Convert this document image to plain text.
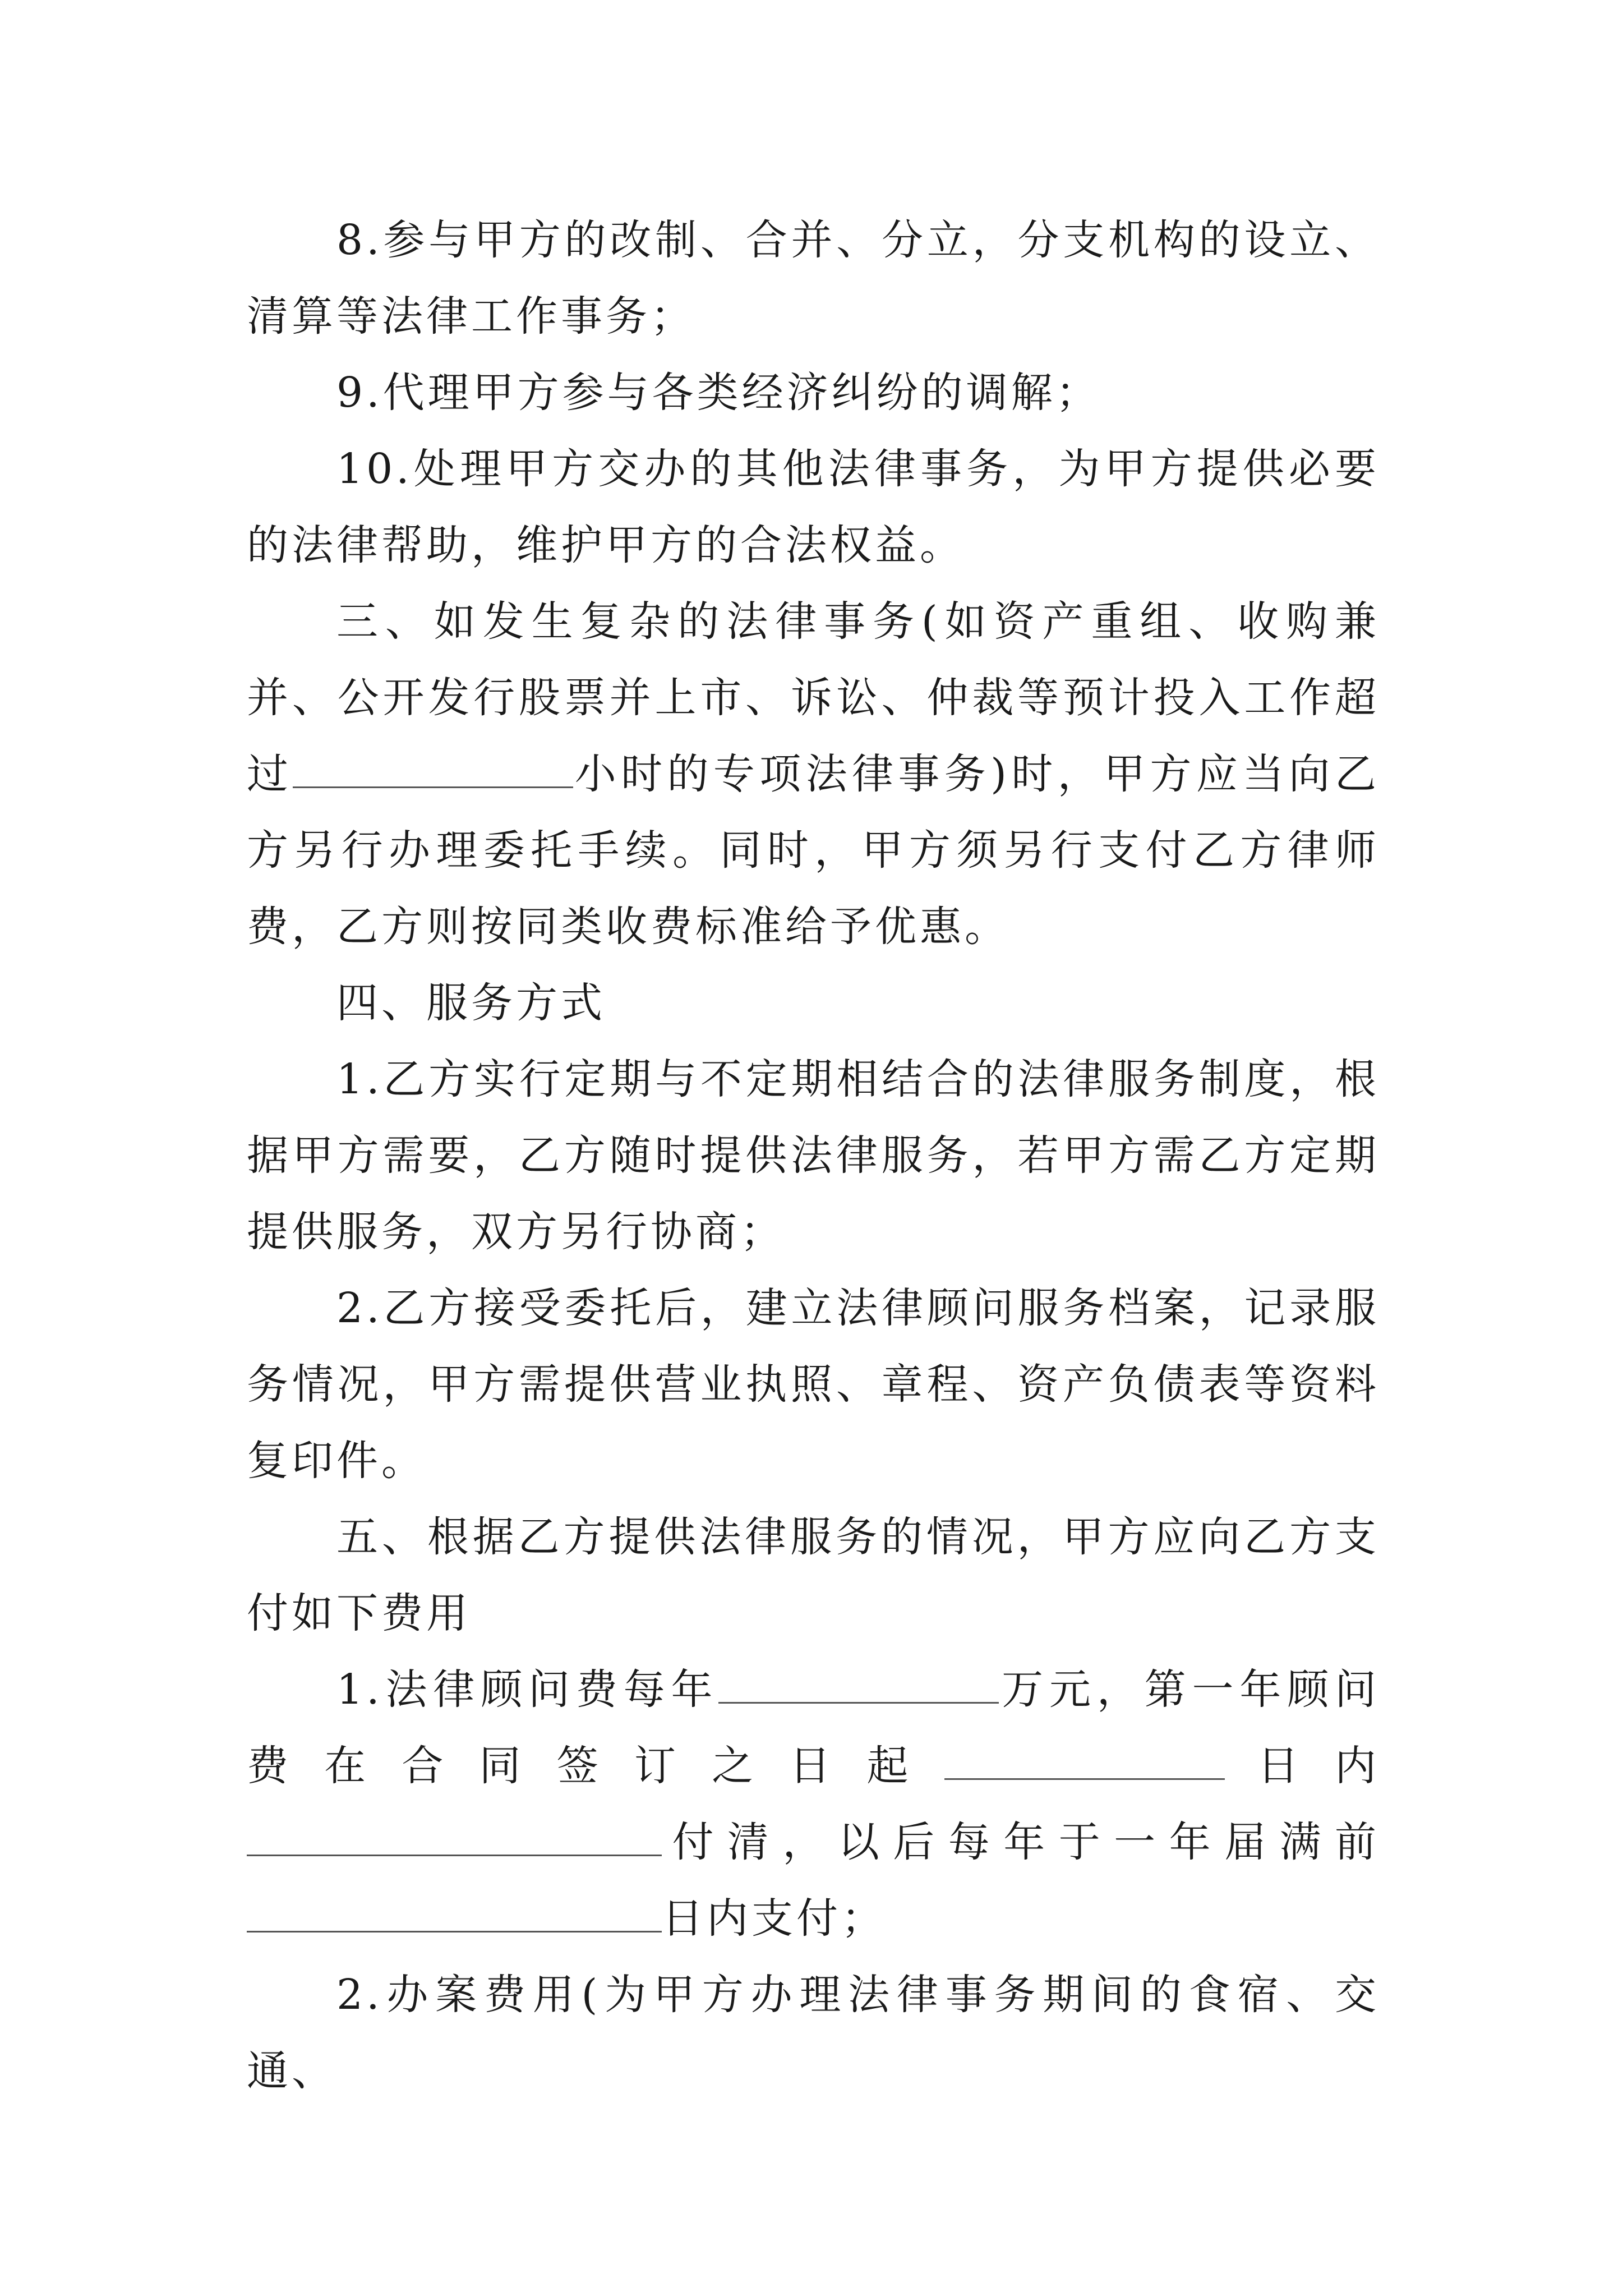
8.参与甲方的改制、合并、分立，分支机构的设立、清算等法律工作事务；

9.代理甲方参与各类经济纠纷的调解；

10.处理甲方交办的其他法律事务，为甲方提供必要的法律帮助，维护甲方的合法权益。

三、如发生复杂的法律事务(如资产重组、收购兼并、公开发行股票并上市、诉讼、仲裁等预计投入工作超过	小时的专项法律事务)时，甲方应当向乙方另行办理委托手续。同时，甲方须另行支付乙方律师费，乙方则按同类收费标准给予优惠。

四、服务方式

1.乙方实行定期与不定期相结合的法律服务制度，根据甲方需要，乙方随时提供法律服务，若甲方需乙方定期提供服务，双方另行协商；

2.乙方接受委托后，建立法律顾问服务档案，记录服务情况，甲方需提供营业执照、章程、资产负债表等资料复印件。

五、根据乙方提供法律服务的情况，甲方应向乙方支付如下费用

1.法律顾问费每年	万元，第一年顾问费在合同签订之日起	日内付清，以后每年于一年届满前日内支付；

2.办案费用(为甲方办理法律事务期间的食宿、交通、
